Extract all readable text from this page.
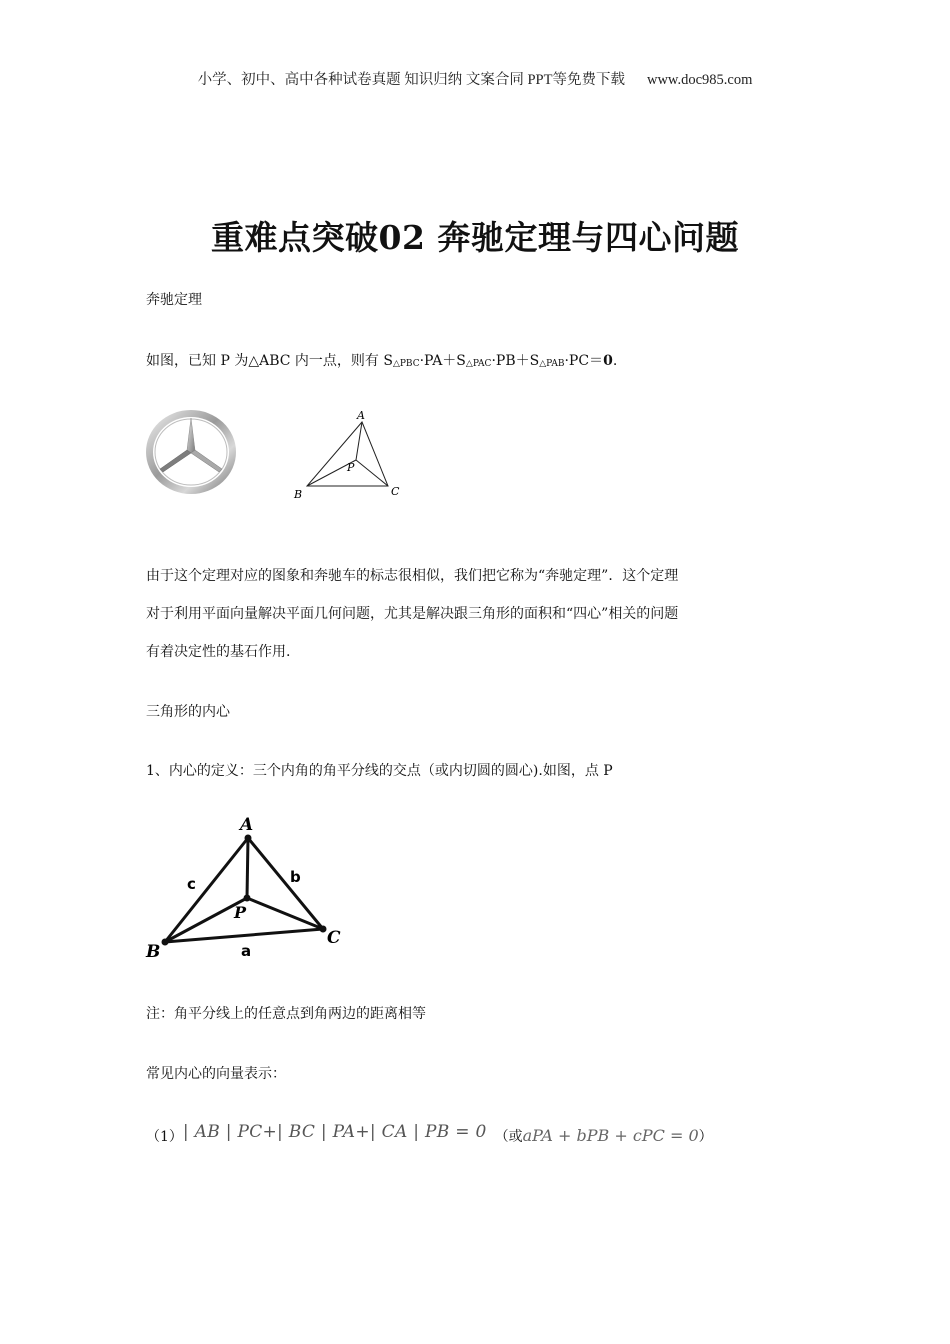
小学、初中、高中各种试卷真题 知识归纳 文案合同 PPT等免费下载 www.doc985.com
重难点突破02 奔驰定理与四心问题
奔驰定理
如图，已知 P 为△ABC 内一点，则有 $S_{\triangle PBC}\cdot PA+S_{\triangle PAC}\cdot PB+S_{\triangle PAB}\cdot PC=0$.
A
B	C
P
由于这个定理对应的图象和奔驰车的标志很相似，我们把它称为“奔驰定理”．这个定理
对于利用平面向量解决平面几何问题，尤其是解决跟三角形的面积和“四心”相关的问题
有着决定性的基石作用.
三角形的内心
1、内心的定义：三个内角的角平分线的交点（或内切圆的圆心).如图，点 P
A
B
C
P
a
b
c
注：角平分线上的任意点到角两边的距离相等
常见内心的向量表示：
（1）| AB | PC+| BC | PA+| CA | PB = 0 （或aPA + bPB + cPC = 0）
